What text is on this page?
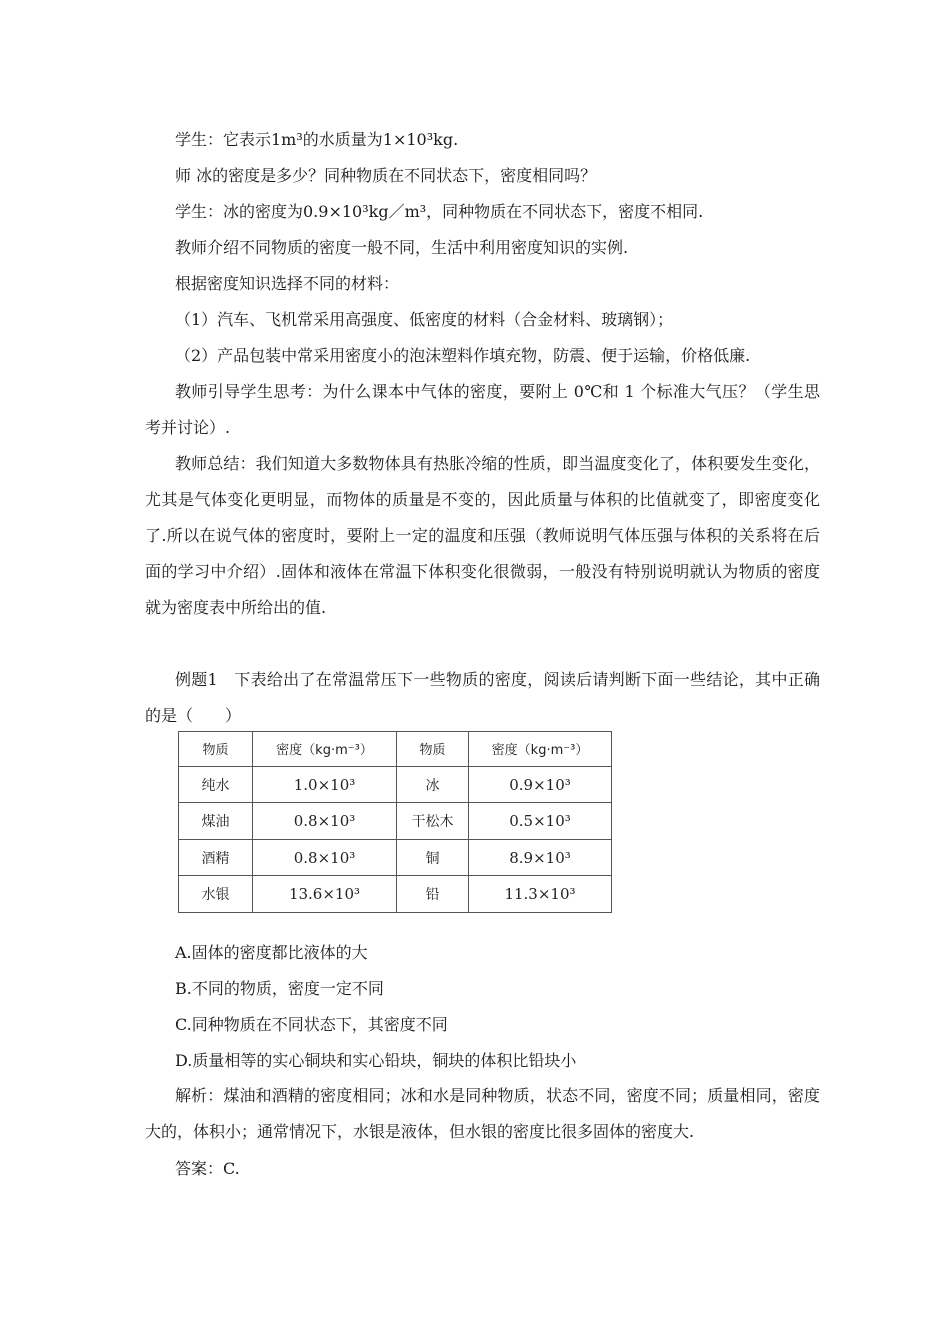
学生：它表示1m³的水质量为1×10³kg.

师 冰的密度是多少？同种物质在不同状态下，密度相同吗？

学生：冰的密度为0.9×10³kg／m³，同种物质在不同状态下，密度不相同.

教师介绍不同物质的密度一般不同，生活中利用密度知识的实例.

根据密度知识选择不同的材料：

（1）汽车、飞机常采用高强度、低密度的材料（合金材料、玻璃钢）；

（2）产品包装中常采用密度小的泡沫塑料作填充物，防震、便于运输，价格低廉.

教师引导学生思考：为什么课本中气体的密度，要附上 0℃和 1 个标准大气压？（学生思考并讨论）.

教师总结：我们知道大多数物体具有热胀冷缩的性质，即当温度变化了，体积要发生变化，尤其是气体变化更明显，而物体的质量是不变的，因此质量与体积的比值就变了，即密度变化了.所以在说气体的密度时，要附上一定的温度和压强（教师说明气体压强与体积的关系将在后面的学习中介绍）.固体和液体在常温下体积变化很微弱，一般没有特别说明就认为物质的密度就为密度表中所给出的值.

例题1　下表给出了在常温常压下一些物质的密度，阅读后请判断下面一些结论，其中正确的是（　　）

物质	密度（kg·m⁻³）	物质	密度（kg·m⁻³）
纯水	1.0×10³	冰	0.9×10³
煤油	0.8×10³	干松木	0.5×10³
酒精	0.8×10³	铜	8.9×10³
水银	13.6×10³	铅	11.3×10³

A.固体的密度都比液体的大

B.不同的物质，密度一定不同

C.同种物质在不同状态下，其密度不同

D.质量相等的实心铜块和实心铅块，铜块的体积比铅块小

解析：煤油和酒精的密度相同；冰和水是同种物质，状态不同，密度不同；质量相同，密度大的，体积小；通常情况下，水银是液体，但水银的密度比很多固体的密度大.

答案：C.
